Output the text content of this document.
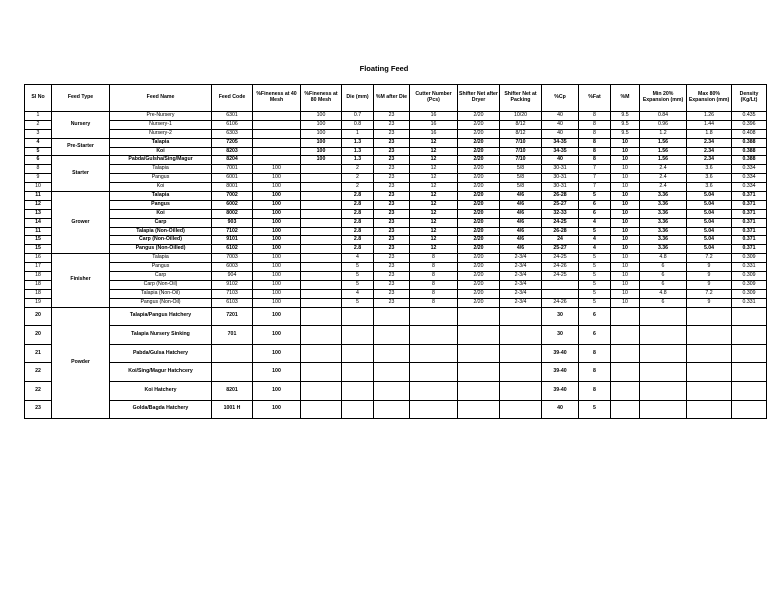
Floating Feed
Sl No	Feed Type	Feed Name	Feed Code	%Fineness at 40 Mesh	%Fineness at 80 Mesh	Die (mm)	%M after Die	Cutter Number (Pcs)	Shifter Net after Dryer	Shifter Net at Packing	%Cp	%Fat	%M	Min 20% Expansion (mm)	Max 80% Expansion (mm)	Density (Kg/Lt)
1	Nursery	Pre-Nursery	6301		100	0.7	23	16	2/20	10/20	40	8	9.5	0.84	1.26	0.435
2		Nursery-1	6106		100	0.8	23	16	2/20	8/12	40	8	9.5	0.96	1.44	0.396
3		Nursery-2	6303		100	1	23	16	2/20	8/12	40	8	9.5	1.2	1.8	0.408
4	Pre-Starter	Talapia	7205		100	1.3	23	12	2/20	7/10	34-35	8	10	1.56	2.34	0.388
5		Koi	8203		100	1.3	23	12	2/20	7/10	34-35	8	10	1.56	2.34	0.388
6	Starter	Pabda/Gulsha/Sing/Magur	8204		100	1.3	23	12	2/20	7/10	40	8	10	1.56	2.34	0.388
8		Talapia	7001	100		2	23	12	2/20	5/8	30-31	7	10	2.4	3.6	0.334
9		Pangus	6001	100		2	23	12	2/20	5/8	30-31	7	10	2.4	3.6	0.334
10		Koi	8001	100		2	23	12	2/20	5/8	30-31	7	10	2.4	3.6	0.334
11	Grower	Talapia	7002	100		2.8	23	12	2/20	4/6	26-28	5	10	3.36	5.04	0.371
12		Pangus	6002	100		2.8	23	12	2/20	4/6	25-27	6	10	3.36	5.04	0.371
13		Koi	8002	100		2.8	23	12	2/20	4/6	32-33	6	10	3.36	5.04	0.371
14		Carp	903	100		2.8	23	12	2/20	4/6	24-25	4	10	3.36	5.04	0.371
11		Talapia (Non-Oilled)	7102	100		2.8	23	12	2/20	4/6	26-28	5	10	3.36	5.04	0.371
15		Carp (Non-Oilled)	9101	100		2.8	23	12	2/20	4/6	24	4	10	3.36	5.04	0.371
15		Pangus (Non-Oilled)	6102	100		2.8	23	12	2/20	4/6	25-27	4	10	3.36	5.04	0.371
16	Finisher	Talapia	7003	100		4	23	8	2/20	2-3/4	24-25	5	10	4.8	7.2	0.309
17		Pangus	6003	100		5	23	8	2/20	2-3/4	24-26	5	10	6	9	0.331
18		Carp	904	100		5	23	8	2/20	2-3/4	24-25	5	10	6	9	0.309
18		Carp (Non-Oil)	9102	100		5	23	8	2/20	2-3/4		5	10	6	9	0.309
18		Talapia (Non-Oil)	7103	100		4	23	8	2/20	2-3/4		5	10	4.8	7.2	0.309
19		Pangus (Non-Oil)	6103	100		5	23	8	2/20	2-3/4	24-26	5	10	6	9	0.331
20	Powder	Talapia/Pangus Hatchery	7201	100							30	6				
20		Talapia Nursery Sinking	701	100							30	6				
21		Pabda/Gulsa Hatchery		100							39-40	8				
22		Koi/Sing/Magur Hatchcery		100							39-40	8				
22		Koi Hatchery	8201	100							39-40	8				
23		Golda/Bagda Hatchery	1001 H	100							40	5				
